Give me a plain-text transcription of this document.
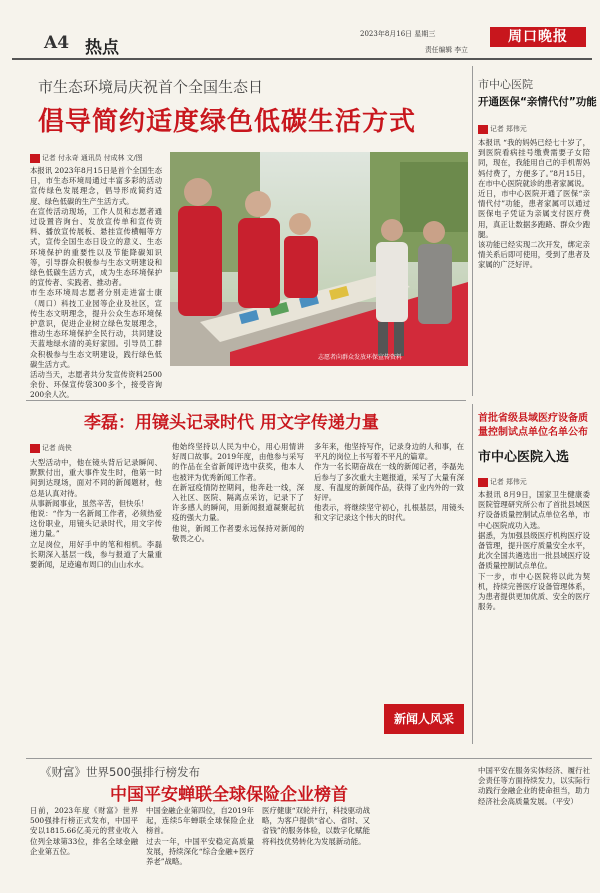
A4 热点
2023年8月16日 星期三
责任编辑 李立
周口晚报
市生态环境局庆祝首个全国生态日
倡导简约适度绿色低碳生活方式
记者 付永奇 通讯员 付成林 文/图
本报讯 2023年8月15日是首个全国生态日，市生态环境局通过丰富多彩的活动宣传绿色发展理念，倡导形成简约适度、绿色低碳的生产生活方式。
在宣传活动现场，工作人员和志愿者通过设置咨询台、发放宣传单和宣传资料、播放宣传展板、悬挂宣传横幅等方式，宣传全国生态日设立的意义、生态环境保护的重要性以及节能降碳知识等，引导群众积极参与生态文明建设和绿色低碳生活方式，成为生态环境保护的宣传者、实践者、推动者。
市生态环境局志愿者分别走进富士康（周口）科技工业园等企业及社区，宣传生态文明理念，提升公众生态环境保护意识，促进企业树立绿色发展理念，推动生态环境保护全民行动，共同建设天蓝地绿水清的美好家园。引导员工群众积极参与生态文明建设，践行绿色低碳生活方式。
活动当天，志愿者共分发宣传资料2500余份、环保宣传袋300多个，接受咨询200余人次。
志愿者向群众发放环保宣传资料
市中心医院
开通医保“亲情代付”功能
记者 郑伟元
本报讯 “我的妈妈已经七十岁了，到医院看病挂号缴费需要子女陪同，现在，我能用自己的手机帮妈妈付费了，方便多了。”8月15日，在市中心医院就诊的患者家属说。
近日，市中心医院开通了医保“亲情代付”功能，患者家属可以通过医保电子凭证为亲属支付医疗费用，真正让数据多跑路、群众少跑腿。
该功能已经实现二次开发，绑定亲情关系后即可使用，受到了患者及家属的广泛好评。
李磊：用镜头记录时代 用文字传递力量
记者 尚侠
大型活动中，他在镜头背后记录瞬间、默默付出，重大事件发生时，他第一时间到达现场，面对不同的新闻题材，他总是认真对待。
从事新闻事业，虽然辛苦，但快乐！
他说：“作为一名新闻工作者，必须热爱这份职业，用镜头记录时代，用文字传递力量。”
立足岗位，用好手中的笔和相机。李磊长期深入基层一线，参与报道了大量重要新闻，足迹遍布周口的山山水水。
他始终坚持以人民为中心，用心用情讲好周口故事。2019年度，由他参与采写的作品在全省新闻评选中获奖，他本人也被评为优秀新闻工作者。
在新冠疫情防控期间，他奔赴一线，深入社区、医院、隔离点采访，记录下了许多感人的瞬间，用新闻报道凝聚起抗疫的强大力量。
他说，新闻工作者要永远保持对新闻的敬畏之心。
多年来，他坚持写作，记录身边的人和事，在平凡的岗位上书写着不平凡的篇章。
作为一名长期奋战在一线的新闻记者，李磊先后参与了多次重大主题报道，采写了大量有深度、有温度的新闻作品，获得了业内外的一致好评。
他表示，将继续坚守初心，扎根基层，用镜头和文字记录这个伟大的时代。
新闻人风采
首批省级县域医疗设备质量控制试点单位名单公布
市中心医院入选
记者 郑伟元
本报讯 8月9日，国家卫生健康委医院管理研究所公布了首批县域医疗设备质量控制试点单位名单，市中心医院成功入选。
据悉，为加强县级医疗机构医疗设备管理，提升医疗质量安全水平，此次全国共遴选出一批县域医疗设备质量控制试点单位。
下一步，市中心医院将以此为契机，持续完善医疗设备管理体系，为患者提供更加优质、安全的医疗服务。
《财富》世界500强排行榜发布
中国平安蝉联全球保险企业榜首
日前，2023年度《财富》世界500强排行榜正式发布，中国平安以1815.66亿美元的营业收入位列全球第33位，排名全球金融企业第五位。
中国金融企业第四位，自2019年起，连续5年蝉联全球保险企业榜首。
过去一年，中国平安稳定高质量发展，持续深化“综合金融+医疗养老”战略。
医疗健康“双轮并行，科技驱动战略，为客户提供“省心、省时、又省钱”的服务体验，以数字化赋能将科技优势转化为发展新动能。
中国平安在服务实体经济、履行社会责任等方面持续发力，以实际行动践行金融企业的使命担当，助力经济社会高质量发展。（平安）
